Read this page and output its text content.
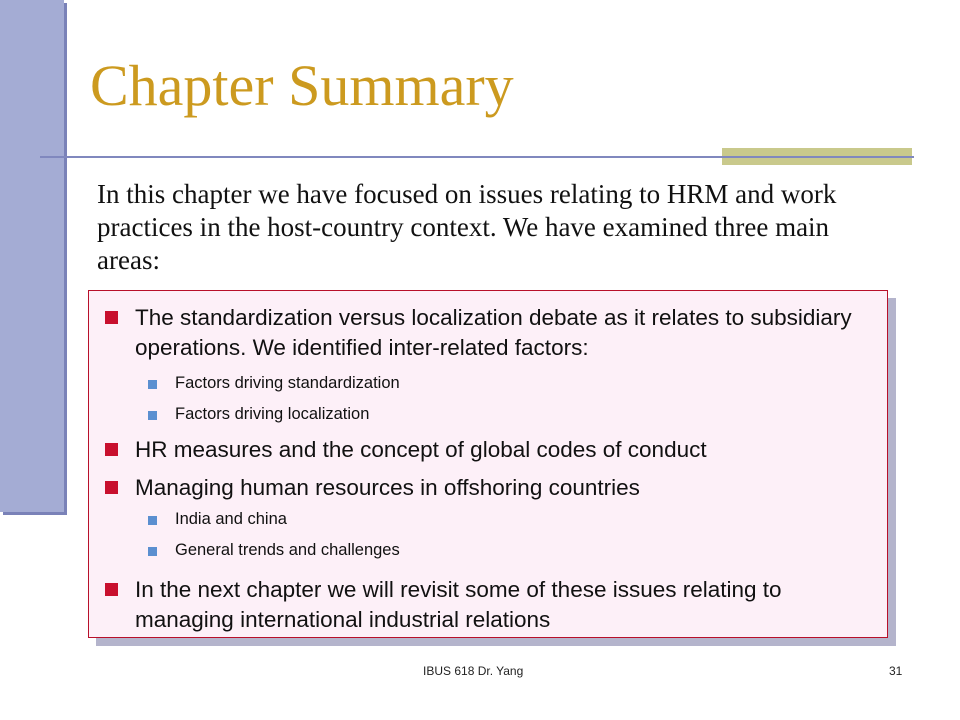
Chapter Summary
In this chapter we have focused on issues relating to HRM and work practices in the host-country context. We have examined three main areas:
The standardization versus localization debate as it relates to subsidiary operations. We identified inter-related factors:
Factors driving standardization
Factors driving localization
HR measures and the concept of global codes of conduct
Managing human resources in offshoring countries
India and china
General trends and challenges
In the next chapter we will revisit some of these issues relating to managing international industrial relations
IBUS 618 Dr. Yang	31
